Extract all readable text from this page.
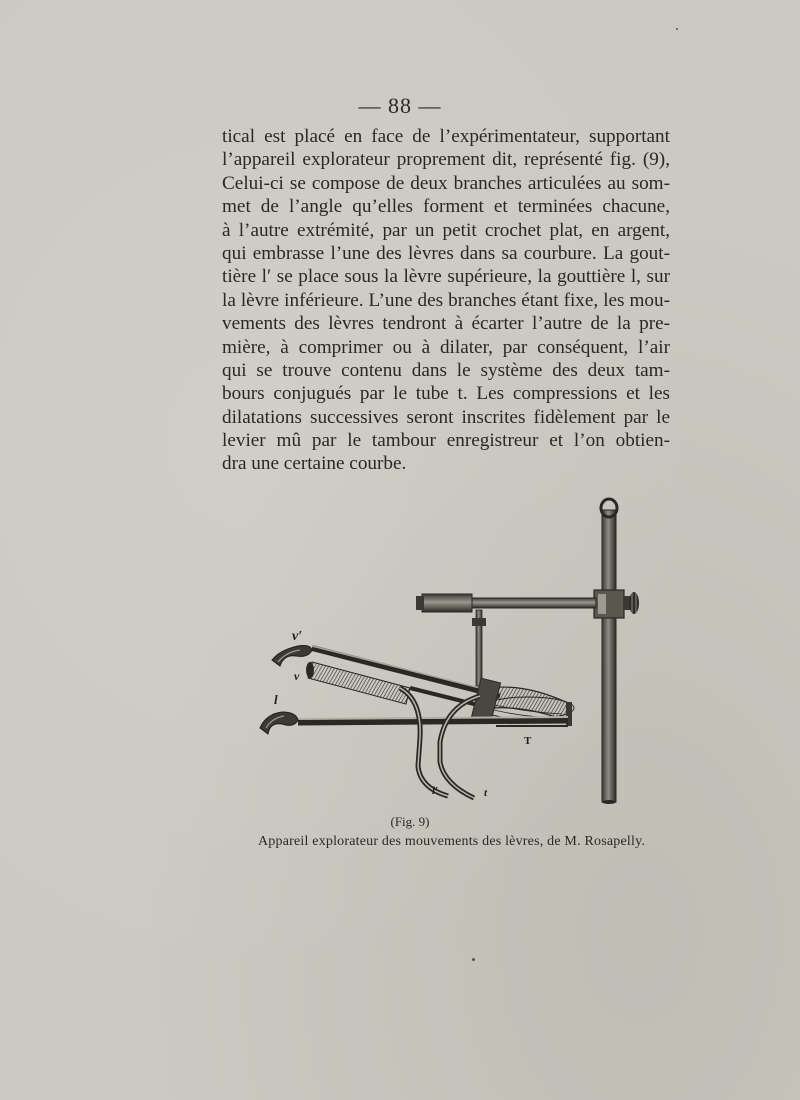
— 88 —
tical est placé en face de l’expérimentateur, supportant
l’appareil explorateur proprement dit, représenté fig. (9),
Celui-ci se compose de deux branches articulées au som-
met de l’angle qu’elles forment et terminées chacune,
à l’autre extrémité, par un petit crochet plat, en argent,
qui embrasse l’une des lèvres dans sa courbure. La gout-
tière l′ se place sous la lèvre supérieure, la gouttière l, sur
la lèvre inférieure. L’une des branches étant fixe, les mou-
vements des lèvres tendront à écarter l’autre de la pre-
mière, à comprimer ou à dilater, par conséquent, l’air
qui se trouve contenu dans le système des deux tam-
bours conjugués par le tube t. Les compressions et les
dilatations successives seront inscrites fidèlement par le
levier mû par le tambour enregistreur et l’on obtien-
dra une certaine courbe.
v′
v
l
T
l′	t
(Fig. 9)
Appareil explorateur des mouvements des lèvres, de M. Rosapelly.
